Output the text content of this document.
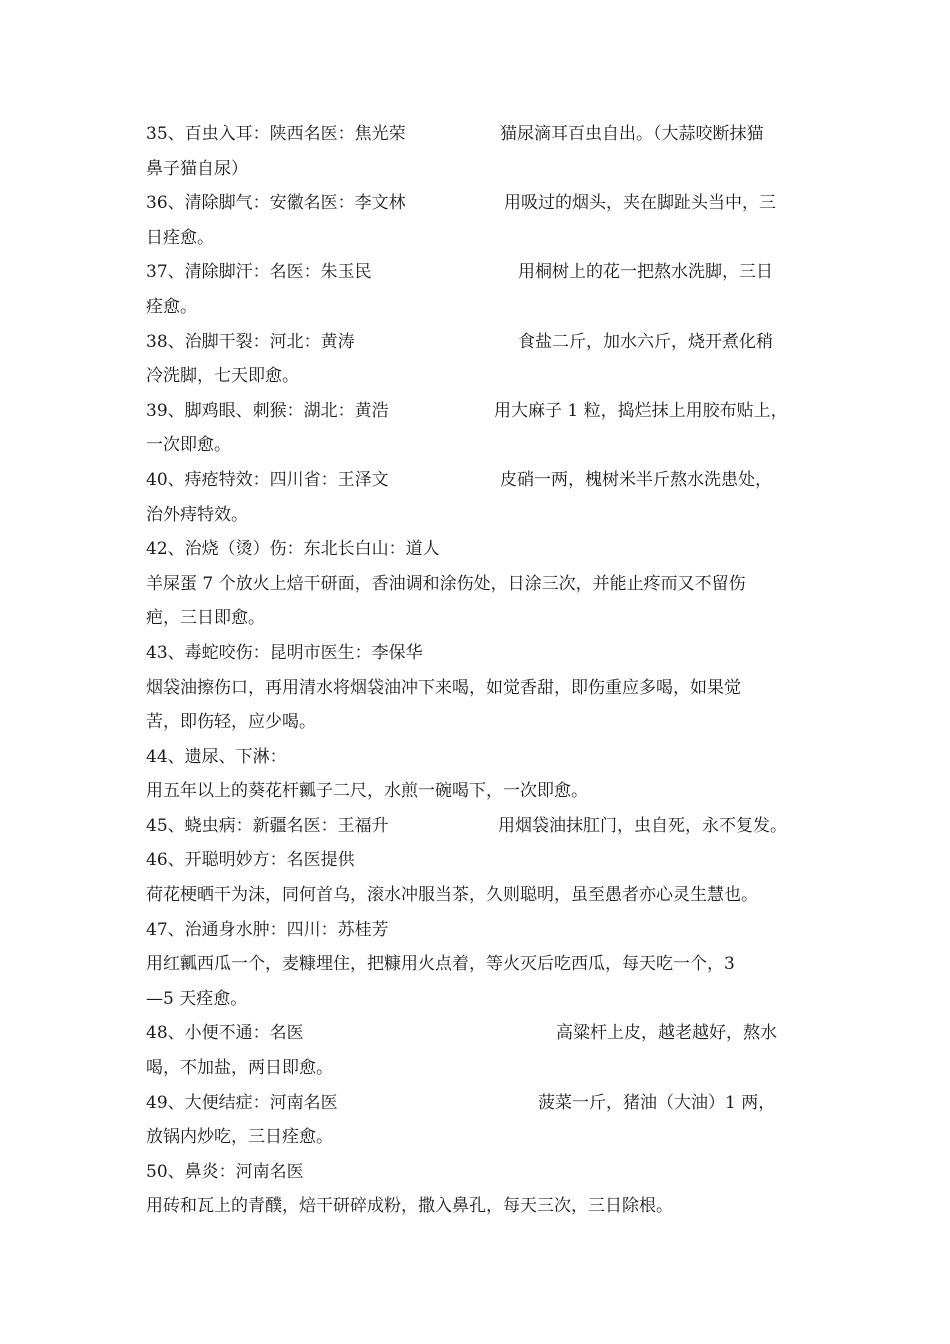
35、百虫入耳：陕西名医：焦光荣	猫尿滴耳百虫自出。（大蒜咬断抹猫
鼻子猫自尿）
36、清除脚气：安徽名医：李文林	用吸过的烟头，夹在脚趾头当中，三
日痊愈。
37、清除脚汗：名医：朱玉民	用桐树上的花一把熬水洗脚，三日
痊愈。
38、治脚干裂：河北：黄涛	食盐二斤，加水六斤，烧开煮化稍
冷洗脚，七天即愈。
39、脚鸡眼、刺猴：湖北：黄浩	用大麻子 1 粒，捣烂抹上用胶布贴上，
一次即愈。
40、痔疮特效：四川省：王泽文	皮硝一两，槐树米半斤熬水洗患处，
治外痔特效。
42、治烧（烫）伤：东北长白山：道人
羊屎蛋 7 个放火上焙干研面，香油调和涂伤处，日涂三次，并能止疼而又不留伤
疤，三日即愈。
43、毒蛇咬伤：昆明市医生：李保华
烟袋油擦伤口，再用清水将烟袋油冲下来喝，如觉香甜，即伤重应多喝，如果觉
苦，即伤轻，应少喝。
44、遗尿、下淋：
用五年以上的葵花杆瓤子二尺，水煎一碗喝下，一次即愈。
45、蛲虫病：新疆名医：王福升	用烟袋油抹肛门，虫自死，永不复发。
46、开聪明妙方：名医提供
荷花梗晒干为沫，同何首乌，滚水冲服当茶，久则聪明，虽至愚者亦心灵生慧也。
47、治通身水肿：四川：苏桂芳
用红瓤西瓜一个，麦糠埋住，把糠用火点着，等火灭后吃西瓜，每天吃一个，3
—5 天痊愈。
48、小便不通：名医	高粱杆上皮，越老越好，熬水
喝，不加盐，两日即愈。
49、大便结症：河南名医	菠菜一斤，猪油（大油）1 两，
放锅内炒吃，三日痊愈。
50、鼻炎：河南名医
用砖和瓦上的青醭，焙干研碎成粉，撒入鼻孔，每天三次，三日除根。
